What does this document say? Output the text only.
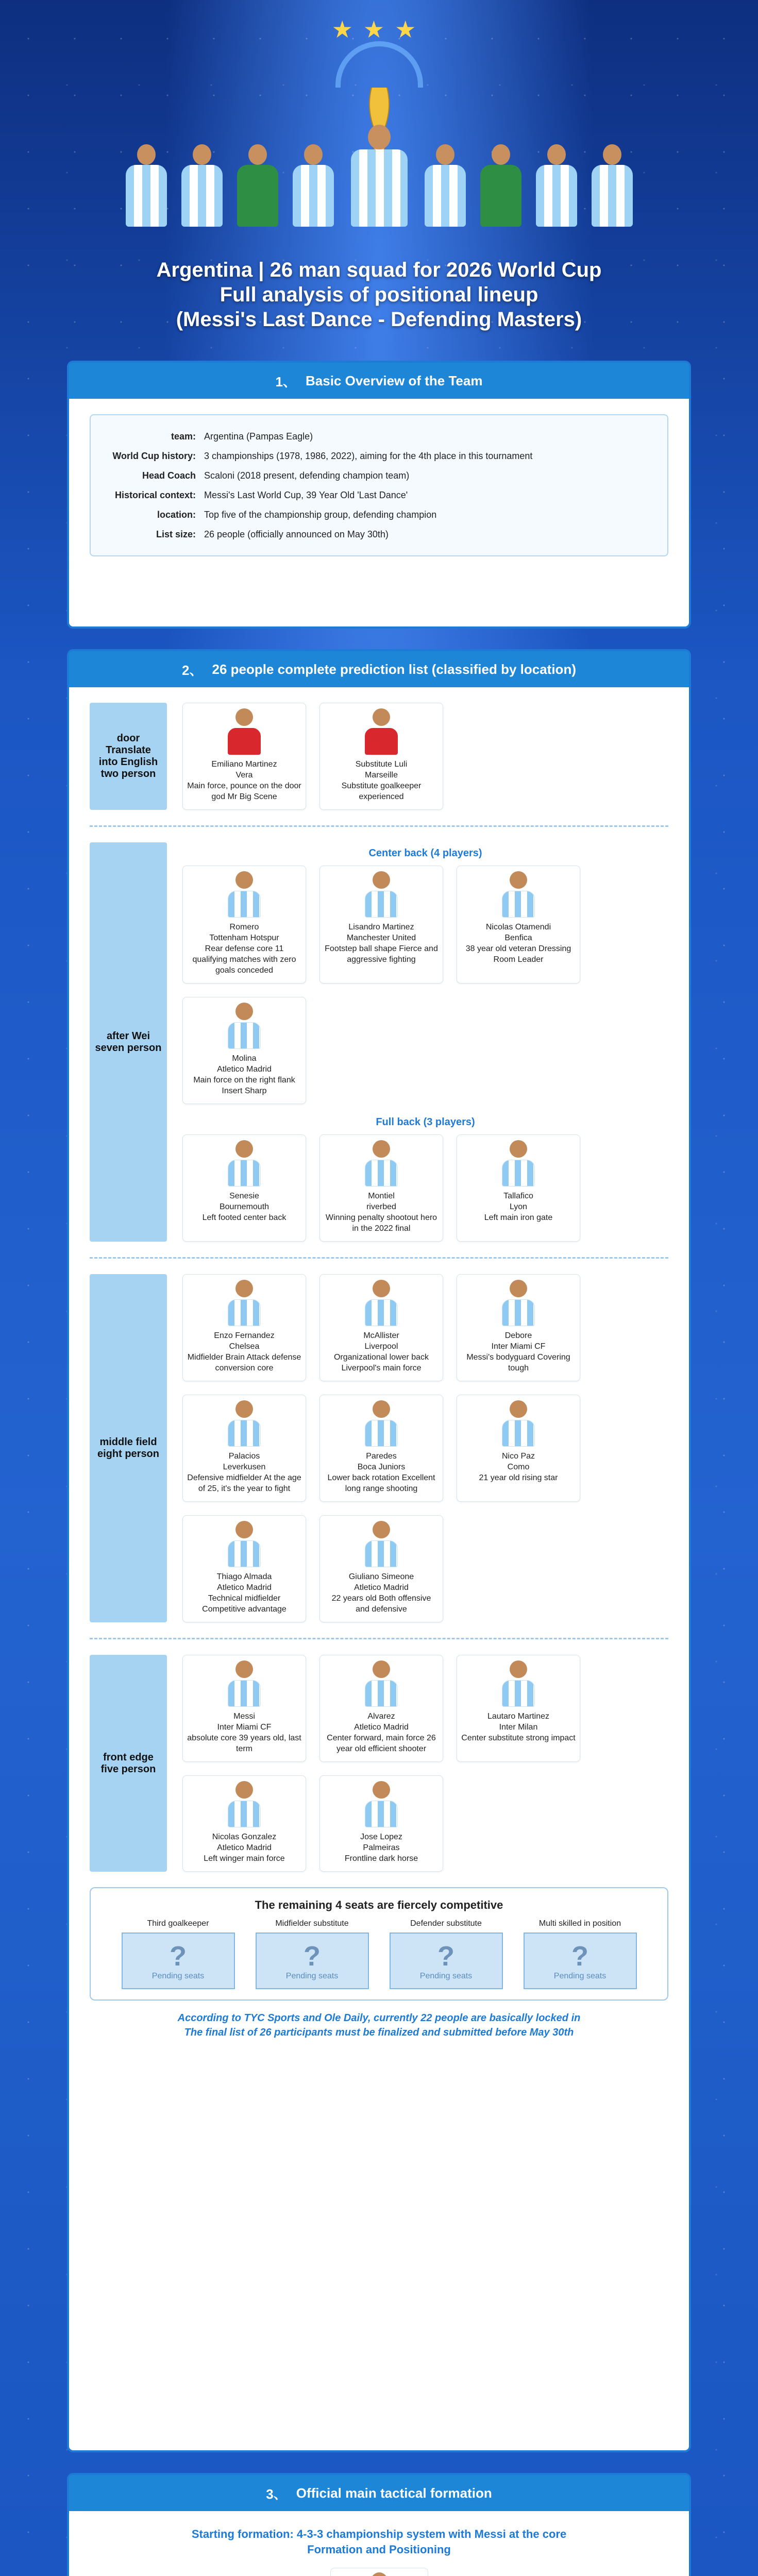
★★★
Argentina | 26 man squad for 2026 World Cup
Full analysis of positional lineup
(Messi's Last Dance - Defending Masters)
1、 Basic Overview of the Team
team: Argentina (Pampas Eagle)
World Cup history: 3 championships (1978, 1986, 2022), aiming for the 4th place in this tournament
Head Coach Scaloni (2018 present, defending champion team)
Historical context: Messi's Last World Cup, 39 Year Old 'Last Dance'
location: Top five of the championship group, defending champion
List size: 26 people (officially announced on May 30th)
2、 26 people complete prediction list (classified by location)
door Translate into English two person
Emiliano Martinez
Vera
Main force, pounce on the door god Mr Big Scene
Substitute Luli
Marseille
Substitute goalkeeper experienced
after Wei seven person
Center back (4 players)
Romero
Tottenham Hotspur
Rear defense core 11 qualifying matches with zero goals conceded
Lisandro Martinez
Manchester United
Footstep ball shape Fierce and aggressive fighting
Nicolas Otamendi
Benfica
38 year old veteran Dressing Room Leader
Molina
Atletico Madrid
Main force on the right flank Insert Sharp
Full back (3 players)
Senesie
Bournemouth
Left footed center back
Montiel
riverbed
Winning penalty shootout hero in the 2022 final
Tallafico
Lyon
Left main iron gate
middle field eight person
Enzo Fernandez
Chelsea
Midfielder Brain Attack defense conversion core
McAllister
Liverpool
Organizational lower back Liverpool's main force
Debore
Inter Miami CF
Messi's bodyguard Covering tough
Palacios
Leverkusen
Defensive midfielder At the age of 25, it's the year to fight
Paredes
Boca Juniors
Lower back rotation Excellent long range shooting
Nico Paz
Como
21 year old rising star
Thiago Almada
Atletico Madrid
Technical midfielder Competitive advantage
Giuliano Simeone
Atletico Madrid
22 years old Both offensive and defensive
front edge five person
Messi
Inter Miami CF
absolute core 39 years old, last term
Alvarez
Atletico Madrid
Center forward, main force 26 year old efficient shooter
Lautaro Martinez
Inter Milan
Center substitute strong impact
Nicolas Gonzalez
Atletico Madrid
Left winger main force
Jose Lopez
Palmeiras
Frontline dark horse
The remaining 4 seats are fiercely competitive
Third goalkeeper
?
Pending seats
Midfielder substitute
?
Pending seats
Defender substitute
?
Pending seats
Multi skilled in position
?
Pending seats
According to TYC Sports and Ole Daily, currently 22 people are basically locked in
The final list of 26 participants must be finalized and submitted before May 30th
3、 Official main tactical formation
Starting formation: 4-3-3 championship system with Messi at the core
Formation and Positioning
